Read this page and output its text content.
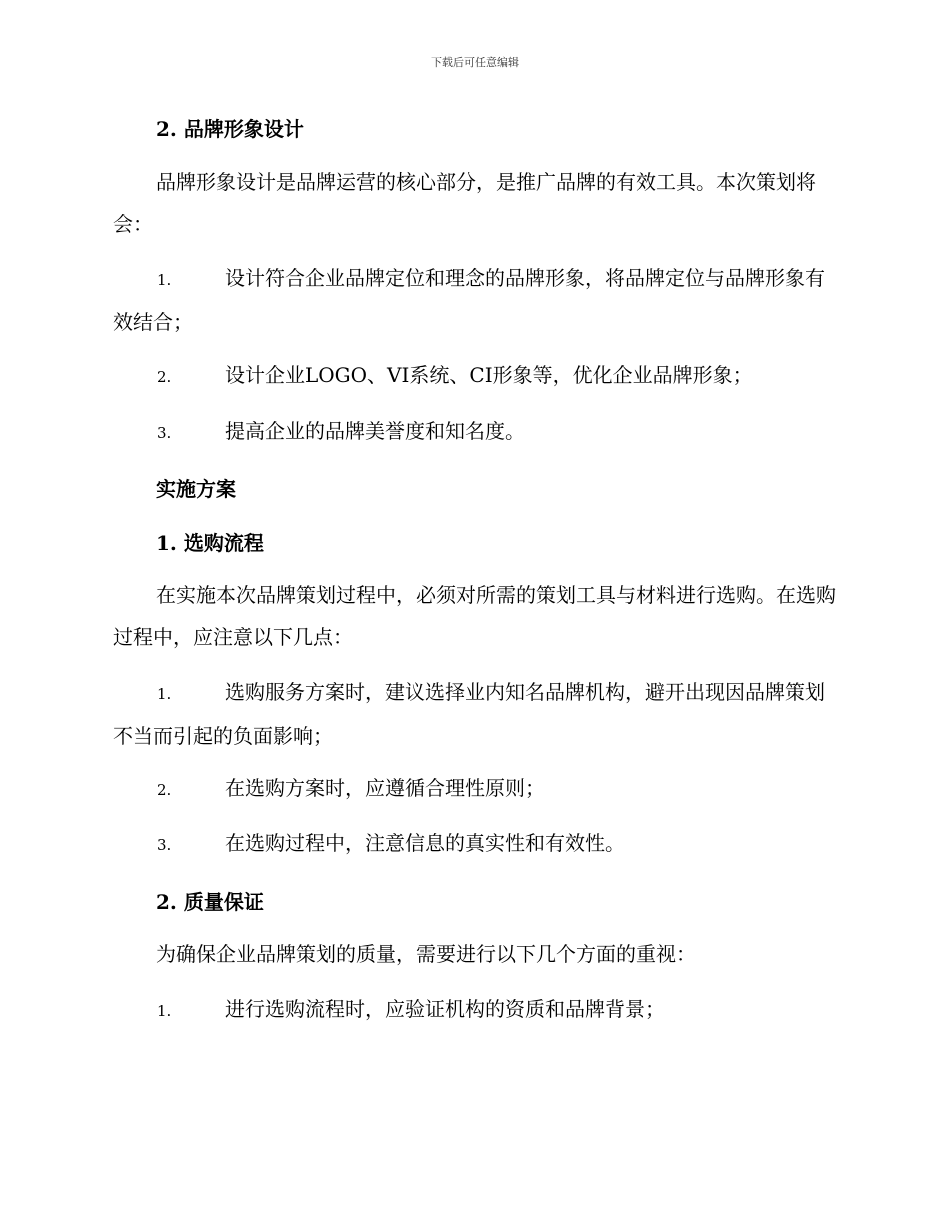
下载后可任意编辑
2. 品牌形象设计
品牌形象设计是品牌运营的核心部分，是推广品牌的有效工具。本次策划将会：
1.	设计符合企业品牌定位和理念的品牌形象，将品牌定位与品牌形象有效结合；
2.	设计企业LOGO、VI系统、CI形象等，优化企业品牌形象；
3.	提高企业的品牌美誉度和知名度。
实施方案
1. 选购流程
在实施本次品牌策划过程中，必须对所需的策划工具与材料进行选购。在选购过程中，应注意以下几点：
1.	选购服务方案时，建议选择业内知名品牌机构，避开出现因品牌策划不当而引起的负面影响；
2.	在选购方案时，应遵循合理性原则；
3.	在选购过程中，注意信息的真实性和有效性。
2. 质量保证
为确保企业品牌策划的质量，需要进行以下几个方面的重视：
1.	进行选购流程时，应验证机构的资质和品牌背景；
